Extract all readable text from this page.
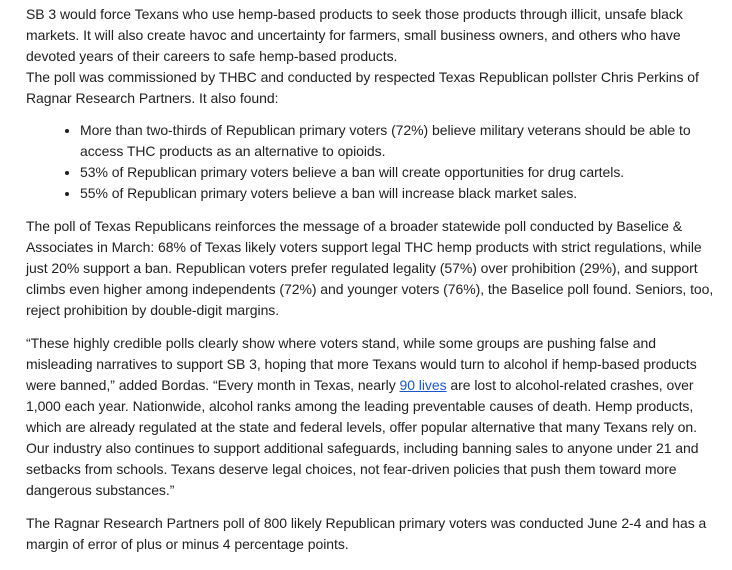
SB 3 would force Texans who use hemp-based products to seek those products through illicit, unsafe black markets. It will also create havoc and uncertainty for farmers, small business owners, and others who have devoted years of their careers to safe hemp-based products.

The poll was commissioned by THBC and conducted by respected Texas Republican pollster Chris Perkins of Ragnar Research Partners. It also found:

• More than two-thirds of Republican primary voters (72%) believe military veterans should be able to access THC products as an alternative to opioids.
• 53% of Republican primary voters believe a ban will create opportunities for drug cartels.
• 55% of Republican primary voters believe a ban will increase black market sales.

The poll of Texas Republicans reinforces the message of a broader statewide poll conducted by Baselice & Associates in March: 68% of Texas likely voters support legal THC hemp products with strict regulations, while just 20% support a ban. Republican voters prefer regulated legality (57%) over prohibition (29%), and support climbs even higher among independents (72%) and younger voters (76%), the Baselice poll found. Seniors, too, reject prohibition by double-digit margins.

“These highly credible polls clearly show where voters stand, while some groups are pushing false and misleading narratives to support SB 3, hoping that more Texans would turn to alcohol if hemp-based products were banned,” added Bordas. “Every month in Texas, nearly 90 lives are lost to alcohol-related crashes, over 1,000 each year. Nationwide, alcohol ranks among the leading preventable causes of death. Hemp products, which are already regulated at the state and federal levels, offer popular alternative that many Texans rely on. Our industry also continues to support additional safeguards, including banning sales to anyone under 21 and setbacks from schools. Texans deserve legal choices, not fear-driven policies that push them toward more dangerous substances.”

The Ragnar Research Partners poll of 800 likely Republican primary voters was conducted June 2-4 and has a margin of error of plus or minus 4 percentage points.
